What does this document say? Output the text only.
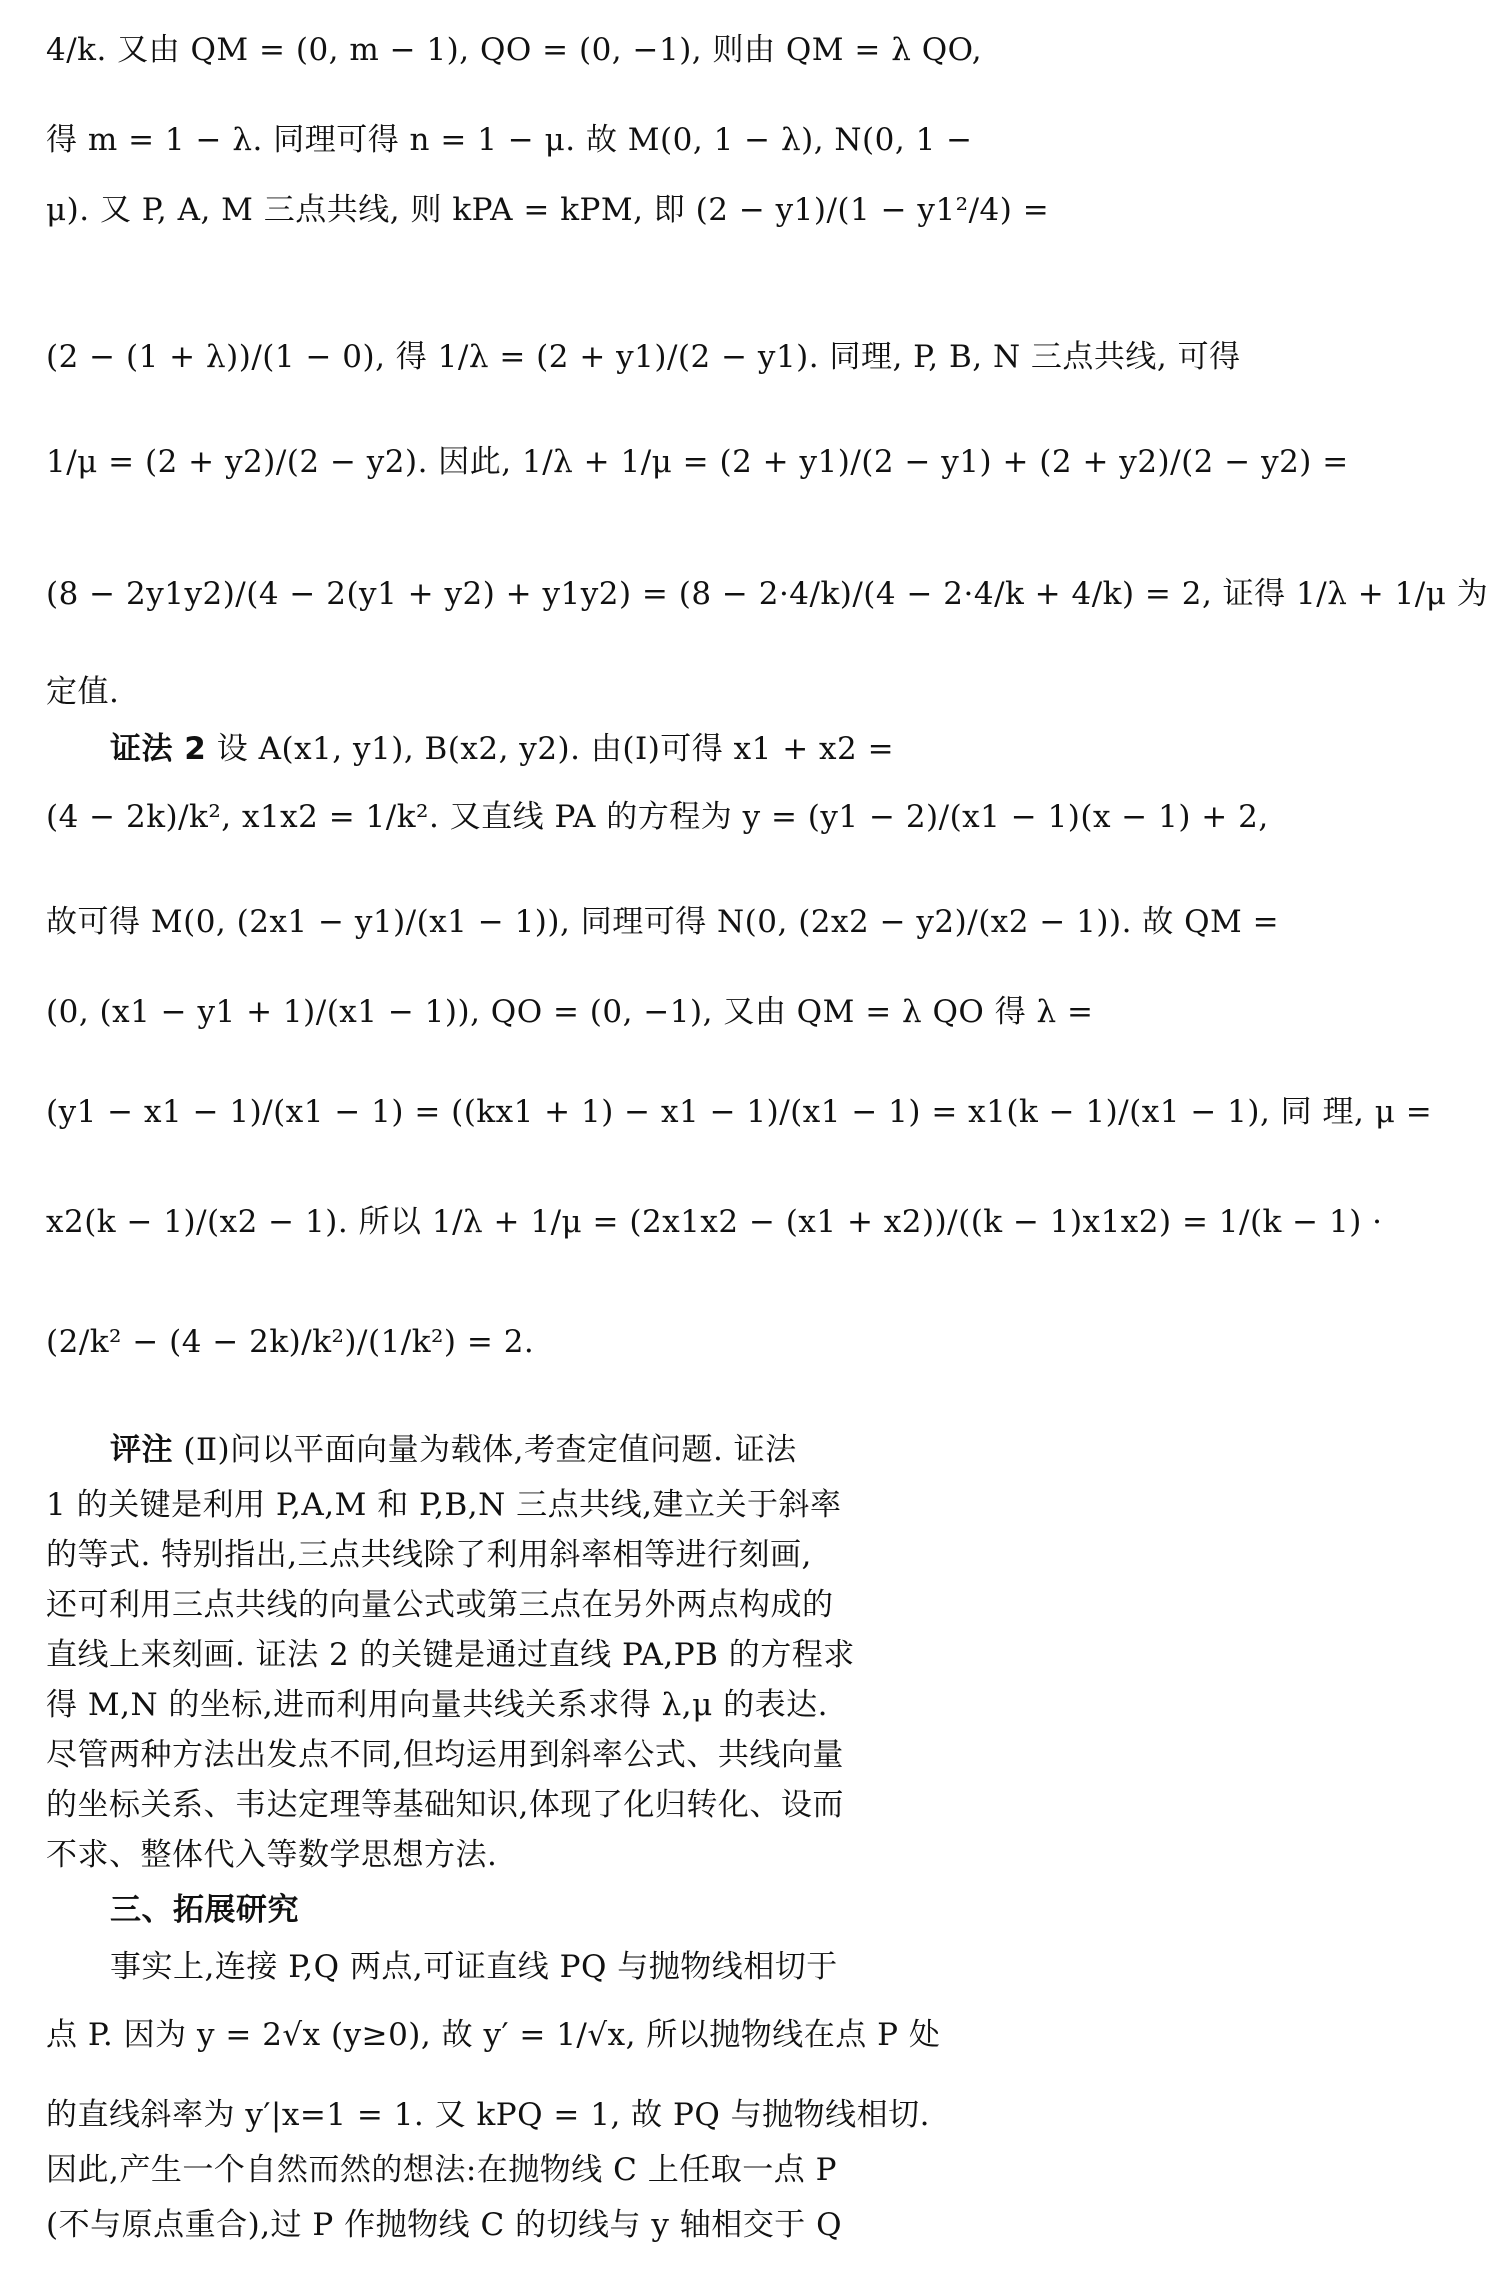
4/k. 又由 QM = (0, m − 1), QO = (0, −1), 则由 QM = λ QO,
得 m = 1 − λ. 同理可得 n = 1 − μ. 故 M(0, 1 − λ), N(0, 1 −
μ). 又 P, A, M 三点共线, 则 kPA = kPM, 即 (2 − y1)/(1 − y1²/4) =
(2 − (1 + λ))/(1 − 0), 得 1/λ = (2 + y1)/(2 − y1). 同理, P, B, N 三点共线, 可得
1/μ = (2 + y2)/(2 − y2). 因此, 1/λ + 1/μ = (2 + y1)/(2 − y1) + (2 + y2)/(2 − y2) =
(8 − 2y1y2)/(4 − 2(y1 + y2) + y1y2) = (8 − 2·4/k)/(4 − 2·4/k + 4/k) = 2, 证得 1/λ + 1/μ 为
定值.
证法 2 设 A(x1, y1), B(x2, y2). 由(Ⅰ)可得 x1 + x2 =
(4 − 2k)/k², x1x2 = 1/k². 又直线 PA 的方程为 y = (y1 − 2)/(x1 − 1)(x − 1) + 2,
故可得 M(0, (2x1 − y1)/(x1 − 1)), 同理可得 N(0, (2x2 − y2)/(x2 − 1)). 故 QM =
(0, (x1 − y1 + 1)/(x1 − 1)), QO = (0, −1), 又由 QM = λ QO 得 λ =
(y1 − x1 − 1)/(x1 − 1) = ((kx1 + 1) − x1 − 1)/(x1 − 1) = x1(k − 1)/(x1 − 1), 同 理, μ =
x2(k − 1)/(x2 − 1). 所以 1/λ + 1/μ = (2x1x2 − (x1 + x2))/((k − 1)x1x2) = 1/(k − 1) ·
(2/k² − (4 − 2k)/k²)/(1/k²) = 2.
评注 (Ⅱ)问以平面向量为载体,考查定值问题. 证法
1 的关键是利用 P,A,M 和 P,B,N 三点共线,建立关于斜率
的等式. 特别指出,三点共线除了利用斜率相等进行刻画,
还可利用三点共线的向量公式或第三点在另外两点构成的
直线上来刻画. 证法 2 的关键是通过直线 PA,PB 的方程求
得 M,N 的坐标,进而利用向量共线关系求得 λ,μ 的表达.
尽管两种方法出发点不同,但均运用到斜率公式、共线向量
的坐标关系、韦达定理等基础知识,体现了化归转化、设而
不求、整体代入等数学思想方法.
三、拓展研究
事实上,连接 P,Q 两点,可证直线 PQ 与抛物线相切于
点 P. 因为 y = 2√x (y≥0), 故 y′ = 1/√x, 所以抛物线在点 P 处
的直线斜率为 y′|x=1 = 1. 又 kPQ = 1, 故 PQ 与抛物线相切.
因此,产生一个自然而然的想法:在抛物线 C 上任取一点 P
(不与原点重合),过 P 作抛物线 C 的切线与 y 轴相交于 Q
